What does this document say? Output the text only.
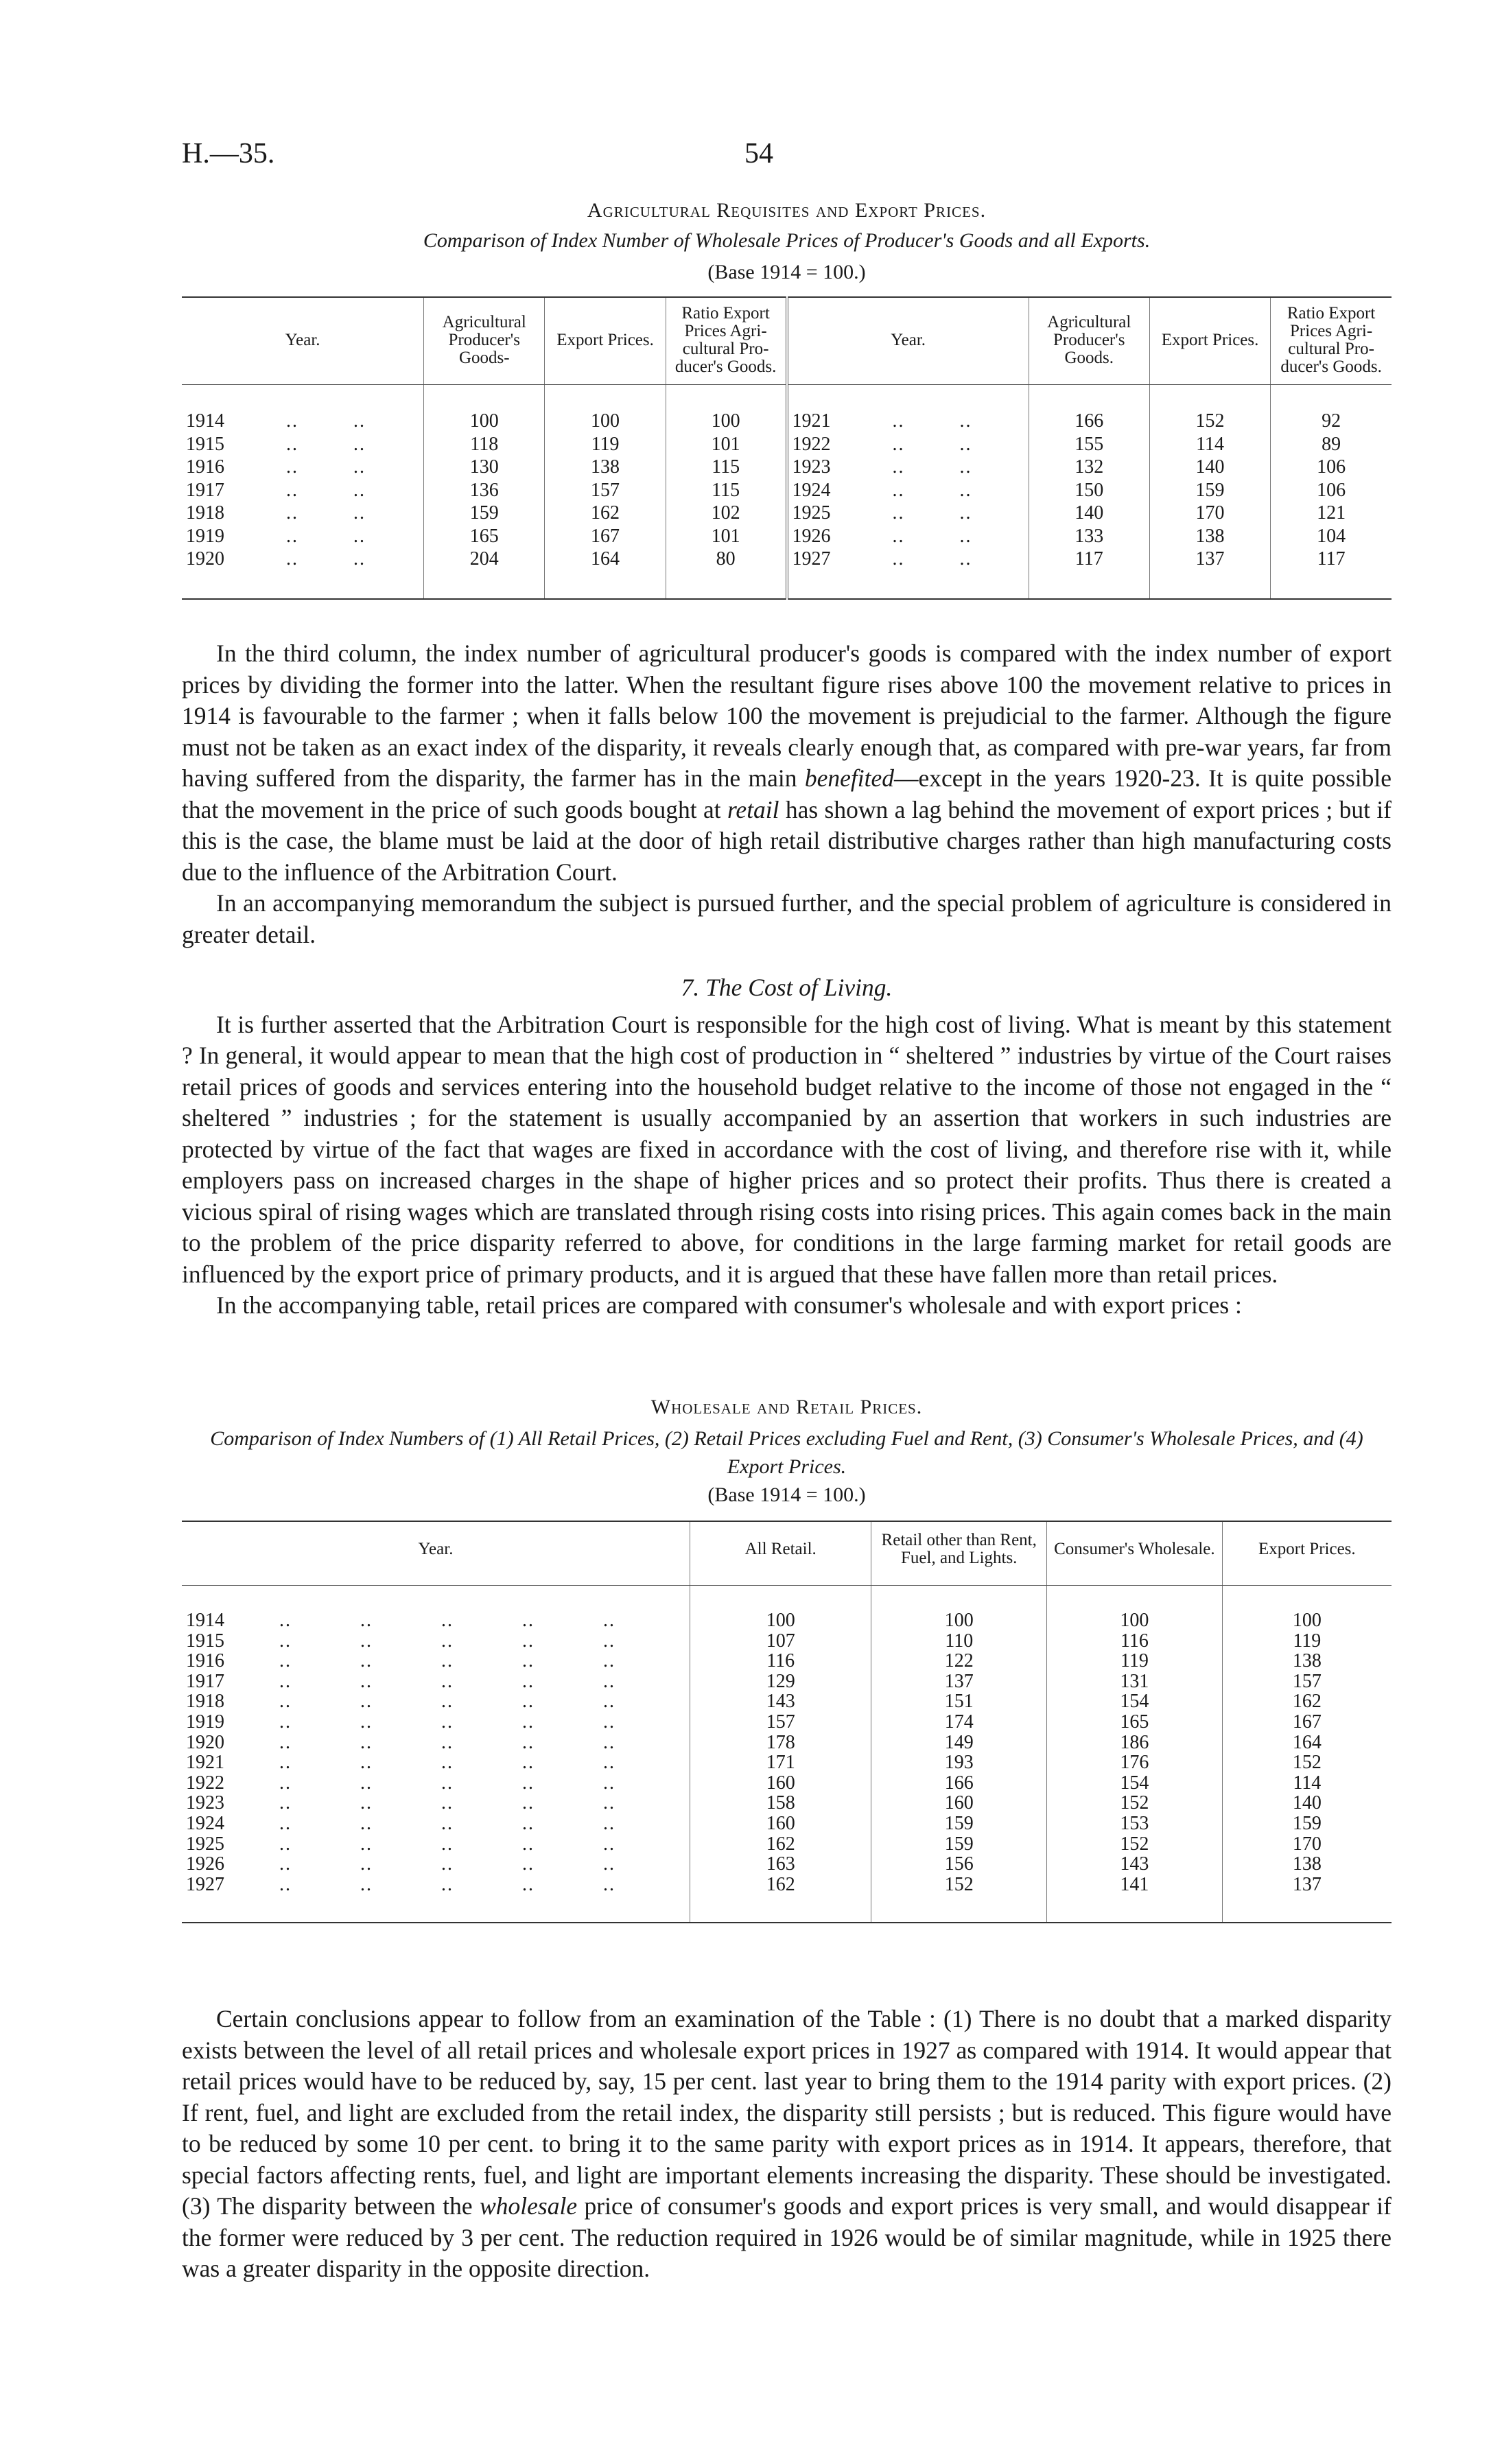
H.—35.	54
Agricultural Requisites and Export Prices.
Comparison of Index Number of Wholesale Prices of Producer's Goods and all Exports.
(Base 1914 = 100.)
Year.	Agricultural Producer's Goods-	Export Prices.	Ratio Export Prices Agri-cultural Pro-ducer's Goods.	Year.	Agricultural Producer's Goods.	Export Prices.	Ratio Export Prices Agri-cultural Pro-ducer's Goods.

1914 .. ..	100	100	100	1921 .. ..	166	152	92
1915 .. ..	118	119	101	1922 .. ..	155	114	89
1916 .. ..	130	138	115	1923 .. ..	132	140	106
1917 .. ..	136	157	115	1924 .. ..	150	159	106
1918 .. ..	159	162	102	1925 .. ..	140	170	121
1919 .. ..	165	167	101	1926 .. ..	133	138	104
1920 .. ..	204	164	80	1927 .. ..	117	137	117

In the third column, the index number of agricultural producer's goods is compared with the index number of export prices by dividing the former into the latter. When the resultant figure rises above 100 the movement relative to prices in 1914 is favourable to the farmer ; when it falls below 100 the movement is prejudicial to the farmer. Although the figure must not be taken as an exact index of the disparity, it reveals clearly enough that, as compared with pre-war years, far from having suffered from the disparity, the farmer has in the main benefited—except in the years 1920-23. It is quite possible that the movement in the price of such goods bought at retail has shown a lag behind the movement of export prices ; but if this is the case, the blame must be laid at the door of high retail distributive charges rather than high manufacturing costs due to the influence of the Arbitration Court.

In an accompanying memorandum the subject is pursued further, and the special problem of agriculture is considered in greater detail.

7. The Cost of Living.

It is further asserted that the Arbitration Court is responsible for the high cost of living. What is meant by this statement ? In general, it would appear to mean that the high cost of production in “ sheltered ” industries by virtue of the Court raises retail prices of goods and services entering into the household budget relative to the income of those not engaged in the “ sheltered ” industries ; for the statement is usually accompanied by an assertion that workers in such industries are protected by virtue of the fact that wages are fixed in accordance with the cost of living, and therefore rise with it, while employers pass on increased charges in the shape of higher prices and so protect their profits. Thus there is created a vicious spiral of rising wages which are translated through rising costs into rising prices. This again comes back in the main to the problem of the price disparity referred to above, for conditions in the large farming market for retail goods are influenced by the export price of primary products, and it is argued that these have fallen more than retail prices.

In the accompanying table, retail prices are compared with consumer's wholesale and with export prices :

Wholesale and Retail Prices.
Comparison of Index Numbers of (1) All Retail Prices, (2) Retail Prices excluding Fuel and Rent, (3) Consumer's Wholesale Prices, and (4) Export Prices.
(Base 1914 = 100.)
Year.	All Retail.	Retail other than Rent, Fuel, and Lights.	Consumer's Wholesale.	Export Prices.

1914 .. .. .. .. ..	100	100	100	100
1915 .. .. .. .. ..	107	110	116	119
1916 .. .. .. .. ..	116	122	119	138
1917 .. .. .. .. ..	129	137	131	157
1918 .. .. .. .. ..	143	151	154	162
1919 .. .. .. .. ..	157	174	165	167
1920 .. .. .. .. ..	178	149	186	164
1921 .. .. .. .. ..	171	193	176	152
1922 .. .. .. .. ..	160	166	154	114
1923 .. .. .. .. ..	158	160	152	140
1924 .. .. .. .. ..	160	159	153	159
1925 .. .. .. .. ..	162	159	152	170
1926 .. .. .. .. ..	163	156	143	138
1927 .. .. .. .. ..	162	152	141	137

Certain conclusions appear to follow from an examination of the Table : (1) There is no doubt that a marked disparity exists between the level of all retail prices and wholesale export prices in 1927 as compared with 1914. It would appear that retail prices would have to be reduced by, say, 15 per cent. last year to bring them to the 1914 parity with export prices. (2) If rent, fuel, and light are excluded from the retail index, the disparity still persists ; but is reduced. This figure would have to be reduced by some 10 per cent. to bring it to the same parity with export prices as in 1914. It appears, therefore, that special factors affecting rents, fuel, and light are important elements increasing the disparity. These should be investigated. (3) The disparity between the wholesale price of consumer's goods and export prices is very small, and would disappear if the former were reduced by 3 per cent. The reduction required in 1926 would be of similar magnitude, while in 1925 there was a greater disparity in the opposite direction.
